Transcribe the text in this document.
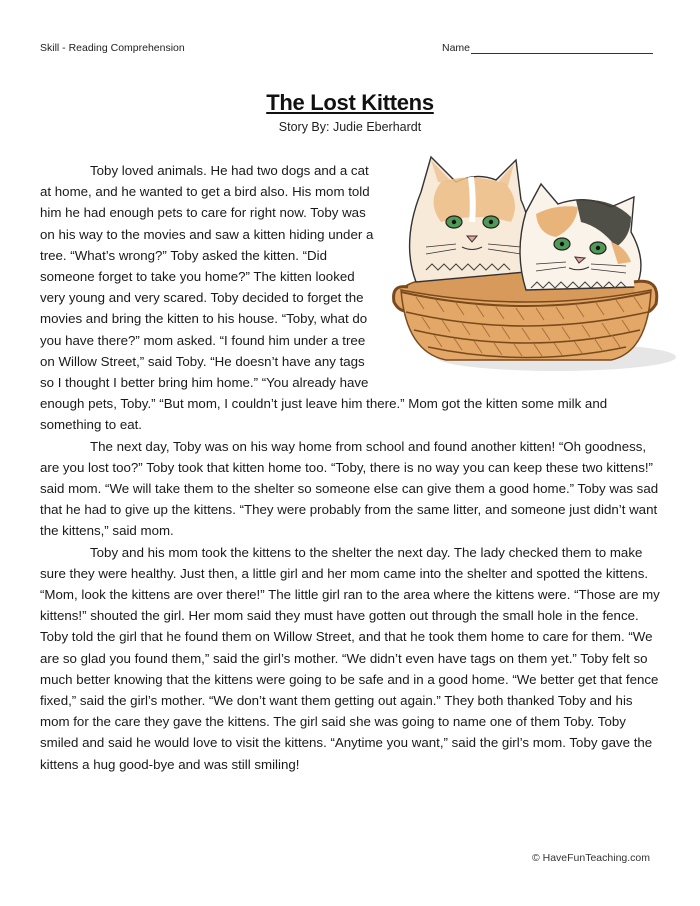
Skill - Reading Comprehension	Name
The Lost Kittens
Story By: Judie Eberhardt

Toby loved animals. He had two dogs and a cat at home, and he wanted to get a bird also. His mom told him he had enough pets to care for right now. Toby was on his way to the movies and saw a kitten hiding under a tree. “What’s wrong?” Toby asked the kitten. “Did someone forget to take you home?” The kitten looked very young and very scared. Toby decided to forget the movies and bring the kitten to his house. “Toby, what do you have there?” mom asked. “I found him under a tree on Willow Street,” said Toby. “He doesn’t have any tags so I thought I better bring him home.” “You already have enough pets, Toby.” “But mom, I couldn’t just leave him there.” Mom got the kitten some milk and something to eat.

The next day, Toby was on his way home from school and found another kitten! “Oh goodness, are you lost too?” Toby took that kitten home too. “Toby, there is no way you can keep these two kittens!” said mom. “We will take them to the shelter so someone else can give them a good home.” Toby was sad that he had to give up the kittens. “They were probably from the same litter, and someone just didn’t want the kittens,” said mom.

Toby and his mom took the kittens to the shelter the next day. The lady checked them to make sure they were healthy. Just then, a little girl and her mom came into the shelter and spotted the kittens. “Mom, look the kittens are over there!” The little girl ran to the area where the kittens were. “Those are my kittens!” shouted the girl. Her mom said they must have gotten out through the small hole in the fence. Toby told the girl that he found them on Willow Street, and that he took them home to care for them. “We are so glad you found them,” said the girl’s mother. “We didn’t even have tags on them yet.” Toby felt so much better knowing that the kittens were going to be safe and in a good home. “We better get that fence fixed,” said the girl’s mother. “We don’t want them getting out again.” They both thanked Toby and his mom for the care they gave the kittens. The girl said she was going to name one of them Toby. Toby smiled and said he would love to visit the kittens. “Anytime you want,” said the girl’s mom. Toby gave the kittens a hug good-bye and was still smiling!

© HaveFunTeaching.com
